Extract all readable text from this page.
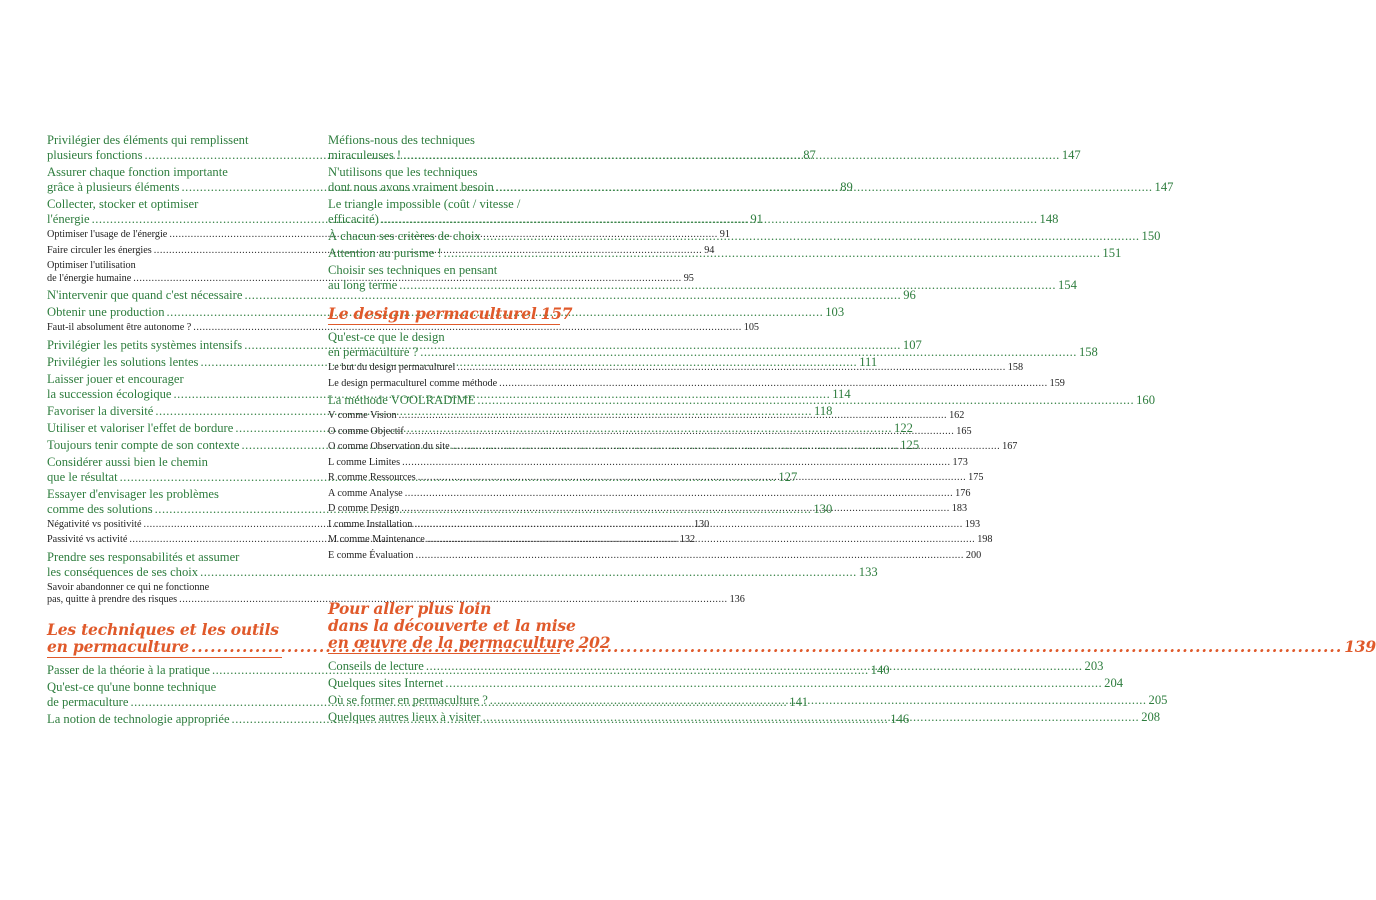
Privilégier des éléments qui remplissent
plusieurs fonctions .....	87
Assurer chaque fonction importante
grâce à plusieurs éléments .....	89
Collecter, stocker et optimiser
l'énergie .....	91
Optimiser l'usage de l'énergie .....	91
Faire circuler les énergies .....	94
Optimiser l'utilisation
de l'énergie humaine .....	95
N'intervenir que quand c'est nécessaire .....	96
Obtenir une production .....	103
Faut-il absolument être autonome ? .....	105
Privilégier les petits systèmes intensifs .....	107
Privilégier les solutions lentes .....	111
Laisser jouer et encourager
la succession écologique .....	114
Favoriser la diversité .....	118
Utiliser et valoriser l'effet de bordure .....	122
Toujours tenir compte de son contexte .....	125
Considérer aussi bien le chemin
que le résultat .....	127
Essayer d'envisager les problèmes
comme des solutions .....	130
Négativité vs positivité .....	130
Passivité vs activité .....	132
Prendre ses responsabilités et assumer
les conséquences de ses choix .....	133
Savoir abandonner ce qui ne fonctionne
pas, quitte à prendre des risques .....	136
Les techniques et les outils
en permaculture .....	139
Passer de la théorie à la pratique .....	140
Qu'est-ce qu'une bonne technique
de permaculture .....	141
La notion de technologie appropriée .....	146
Méfions-nous des techniques
miraculeuses ! .....	147
N'utilisons que les techniques
dont nous avons vraiment besoin .....	147
Le triangle impossible (coût / vitesse /
efficacité) .....	148
À chacun ses critères de choix .....	150
Attention au purisme ! .....	151
Choisir ses techniques en pensant
au long terme .....	154
Le design permaculturel 157
Qu'est-ce que le design
en permaculture ? .....	158
Le but du design permaculturel .....	158
Le design permaculturel comme méthode .....	159
La méthode VOOLRADIME .....	160
V comme Vision .....	162
O comme Objectif .....	165
O comme Observation du site .....	167
L comme Limites .....	173
R comme Ressources .....	175
A comme Analyse .....	176
D comme Design .....	183
I comme Installation .....	193
M comme Maintenance .....	198
E comme Évaluation .....	200
Pour aller plus loin
dans la découverte et la mise
en œuvre de la permaculture 202
Conseils de lecture .....	203
Quelques sites Internet .....	204
Où se former en permaculture ? .....	205
Quelques autres lieux à visiter .....	208
